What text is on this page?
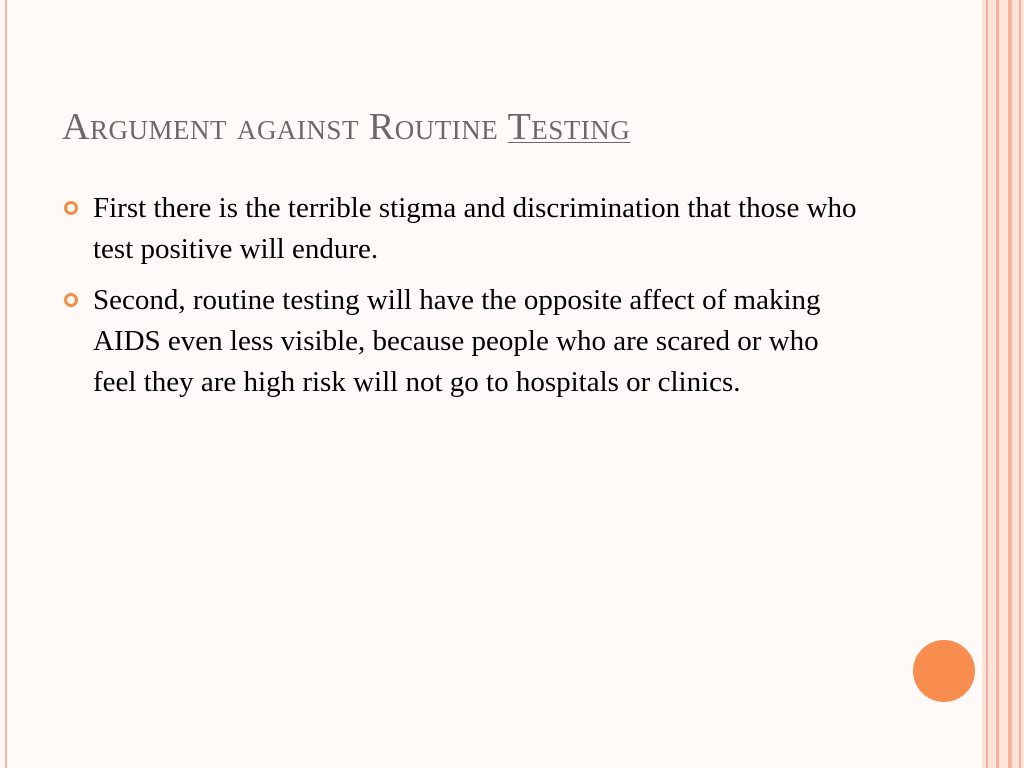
Argument against Routine Testing
First there is the terrible stigma and discrimination that those who test positive will endure.
Second, routine testing will have the opposite affect of making AIDS even less visible, because people who are scared or who feel they are high risk will not go to hospitals or clinics.
